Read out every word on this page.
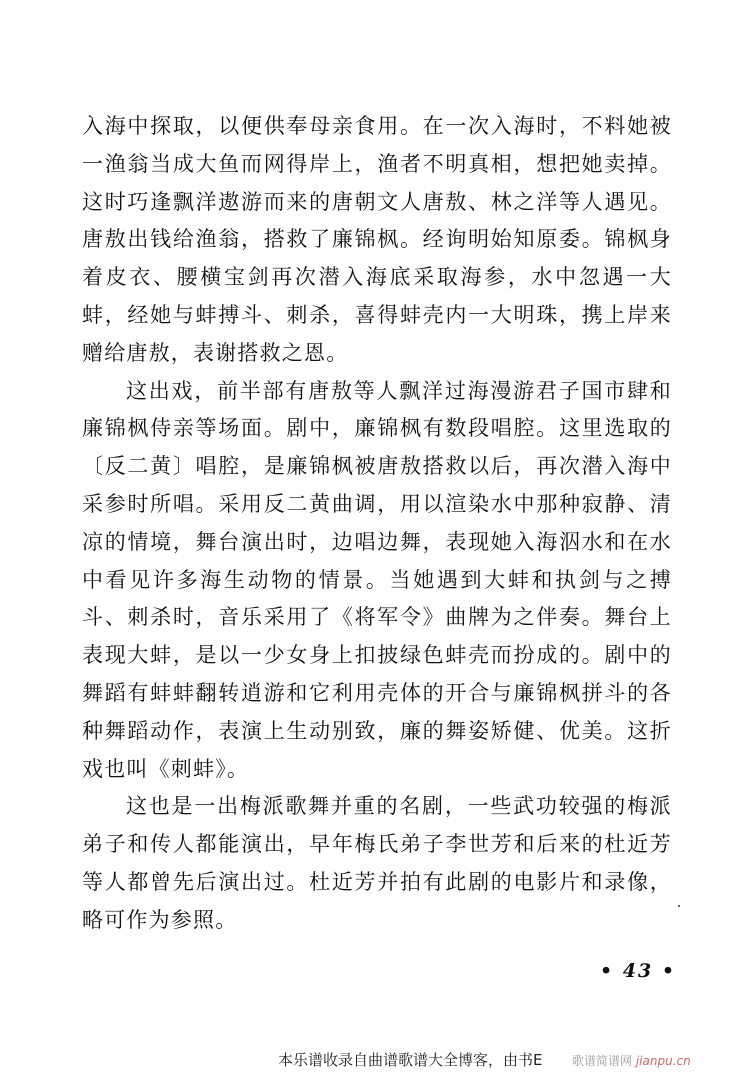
入海中探取，以便供奉母亲食用。在一次入海时，不料她被一渔翁当成大鱼而网得岸上，渔者不明真相，想把她卖掉。这时巧逢飘洋遨游而来的唐朝文人唐敖、林之洋等人遇见。唐敖出钱给渔翁，搭救了廉锦枫。经询明始知原委。锦枫身着皮衣、腰横宝剑再次潜入海底采取海参，水中忽遇一大蚌，经她与蚌搏斗、刺杀，喜得蚌壳内一大明珠，携上岸来赠给唐敖，表谢搭救之恩。

这出戏，前半部有唐敖等人飘洋过海漫游君子国市肆和廉锦枫侍亲等场面。剧中，廉锦枫有数段唱腔。这里选取的〔反二黄〕唱腔，是廉锦枫被唐敖搭救以后，再次潜入海中采参时所唱。采用反二黄曲调，用以渲染水中那种寂静、清凉的情境，舞台演出时，边唱边舞，表现她入海泅水和在水中看见许多海生动物的情景。当她遇到大蚌和执剑与之搏斗、刺杀时，音乐采用了《将军令》曲牌为之伴奏。舞台上表现大蚌，是以一少女身上扣披绿色蚌壳而扮成的。剧中的舞蹈有蚌蚌翻转逍游和它利用壳体的开合与廉锦枫拼斗的各种舞蹈动作，表演上生动别致，廉的舞姿矫健、优美。这折戏也叫《刺蚌》。

这也是一出梅派歌舞并重的名剧，一些武功较强的梅派弟子和传人都能演出，早年梅氏弟子李世芳和后来的杜近芳等人都曾先后演出过。杜近芳并拍有此剧的电影片和录像，略可作为参照。

• 43 •
本乐谱收录自曲谱歌谱大全博客，由书E 歌谱简谱网 jianpu.cn
